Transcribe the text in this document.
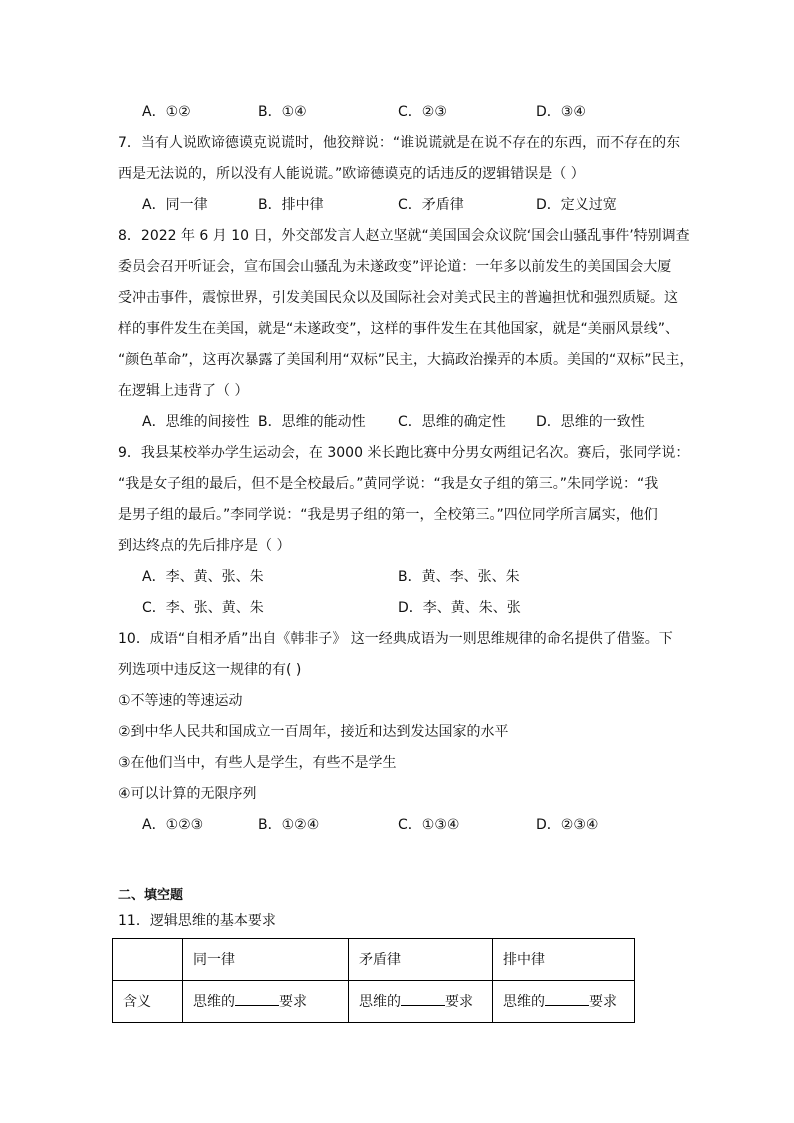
A．①②	B．①④	C．②③	D．③④
7．当有人说欧谛德谟克说谎时，他狡辩说：“谁说谎就是在说不存在的东西，而不存在的东
西是无法说的，所以没有人能说谎。”欧谛德谟克的话违反的逻辑错误是（ ）
A．同一律	B．排中律	C．矛盾律	D．定义过宽
8．2022 年 6 月 10 日，外交部发言人赵立坚就“美国国会众议院‘国会山骚乱事件’特别调查
委员会召开听证会，宣布国会山骚乱为未遂政变”评论道：一年多以前发生的美国国会大厦
受冲击事件，震惊世界，引发美国民众以及国际社会对美式民主的普遍担忧和强烈质疑。这
样的事件发生在美国，就是“未遂政变”，这样的事件发生在其他国家，就是“美丽风景线”、
“颜色革命”，这再次暴露了美国利用“双标”民主，大搞政治操弄的本质。美国的“双标”民主，
在逻辑上违背了（ ）
A．思维的间接性 B．思维的能动性 C．思维的确定性 D．思维的一致性
9．我县某校举办学生运动会，在 3000 米长跑比赛中分男女两组记名次。赛后，张同学说：
“我是女子组的最后，但不是全校最后。”黄同学说：“我是女子组的第三。”朱同学说：“我
是男子组的最后。”李同学说：“我是男子组的第一，全校第三。”四位同学所言属实，他们
到达终点的先后排序是（ ）
A．李、黄、张、朱	B．黄、李、张、朱
C．李、张、黄、朱	D．李、黄、朱、张
10．成语“自相矛盾”出自《韩非子》 这一经典成语为一则思维规律的命名提供了借鉴。下
列选项中违反这一规律的有( )
①不等速的等速运动
②到中华人民共和国成立一百周年，接近和达到发达国家的水平
③在他们当中，有些人是学生，有些不是学生
④可以计算的无限序列
A．①②③	B．①②④	C．①③④	D．②③④
二、填空题
11．逻辑思维的基本要求
	同一律	矛盾律	排中律
含义	思维的 要求	思维的 要求	思维的 要求
